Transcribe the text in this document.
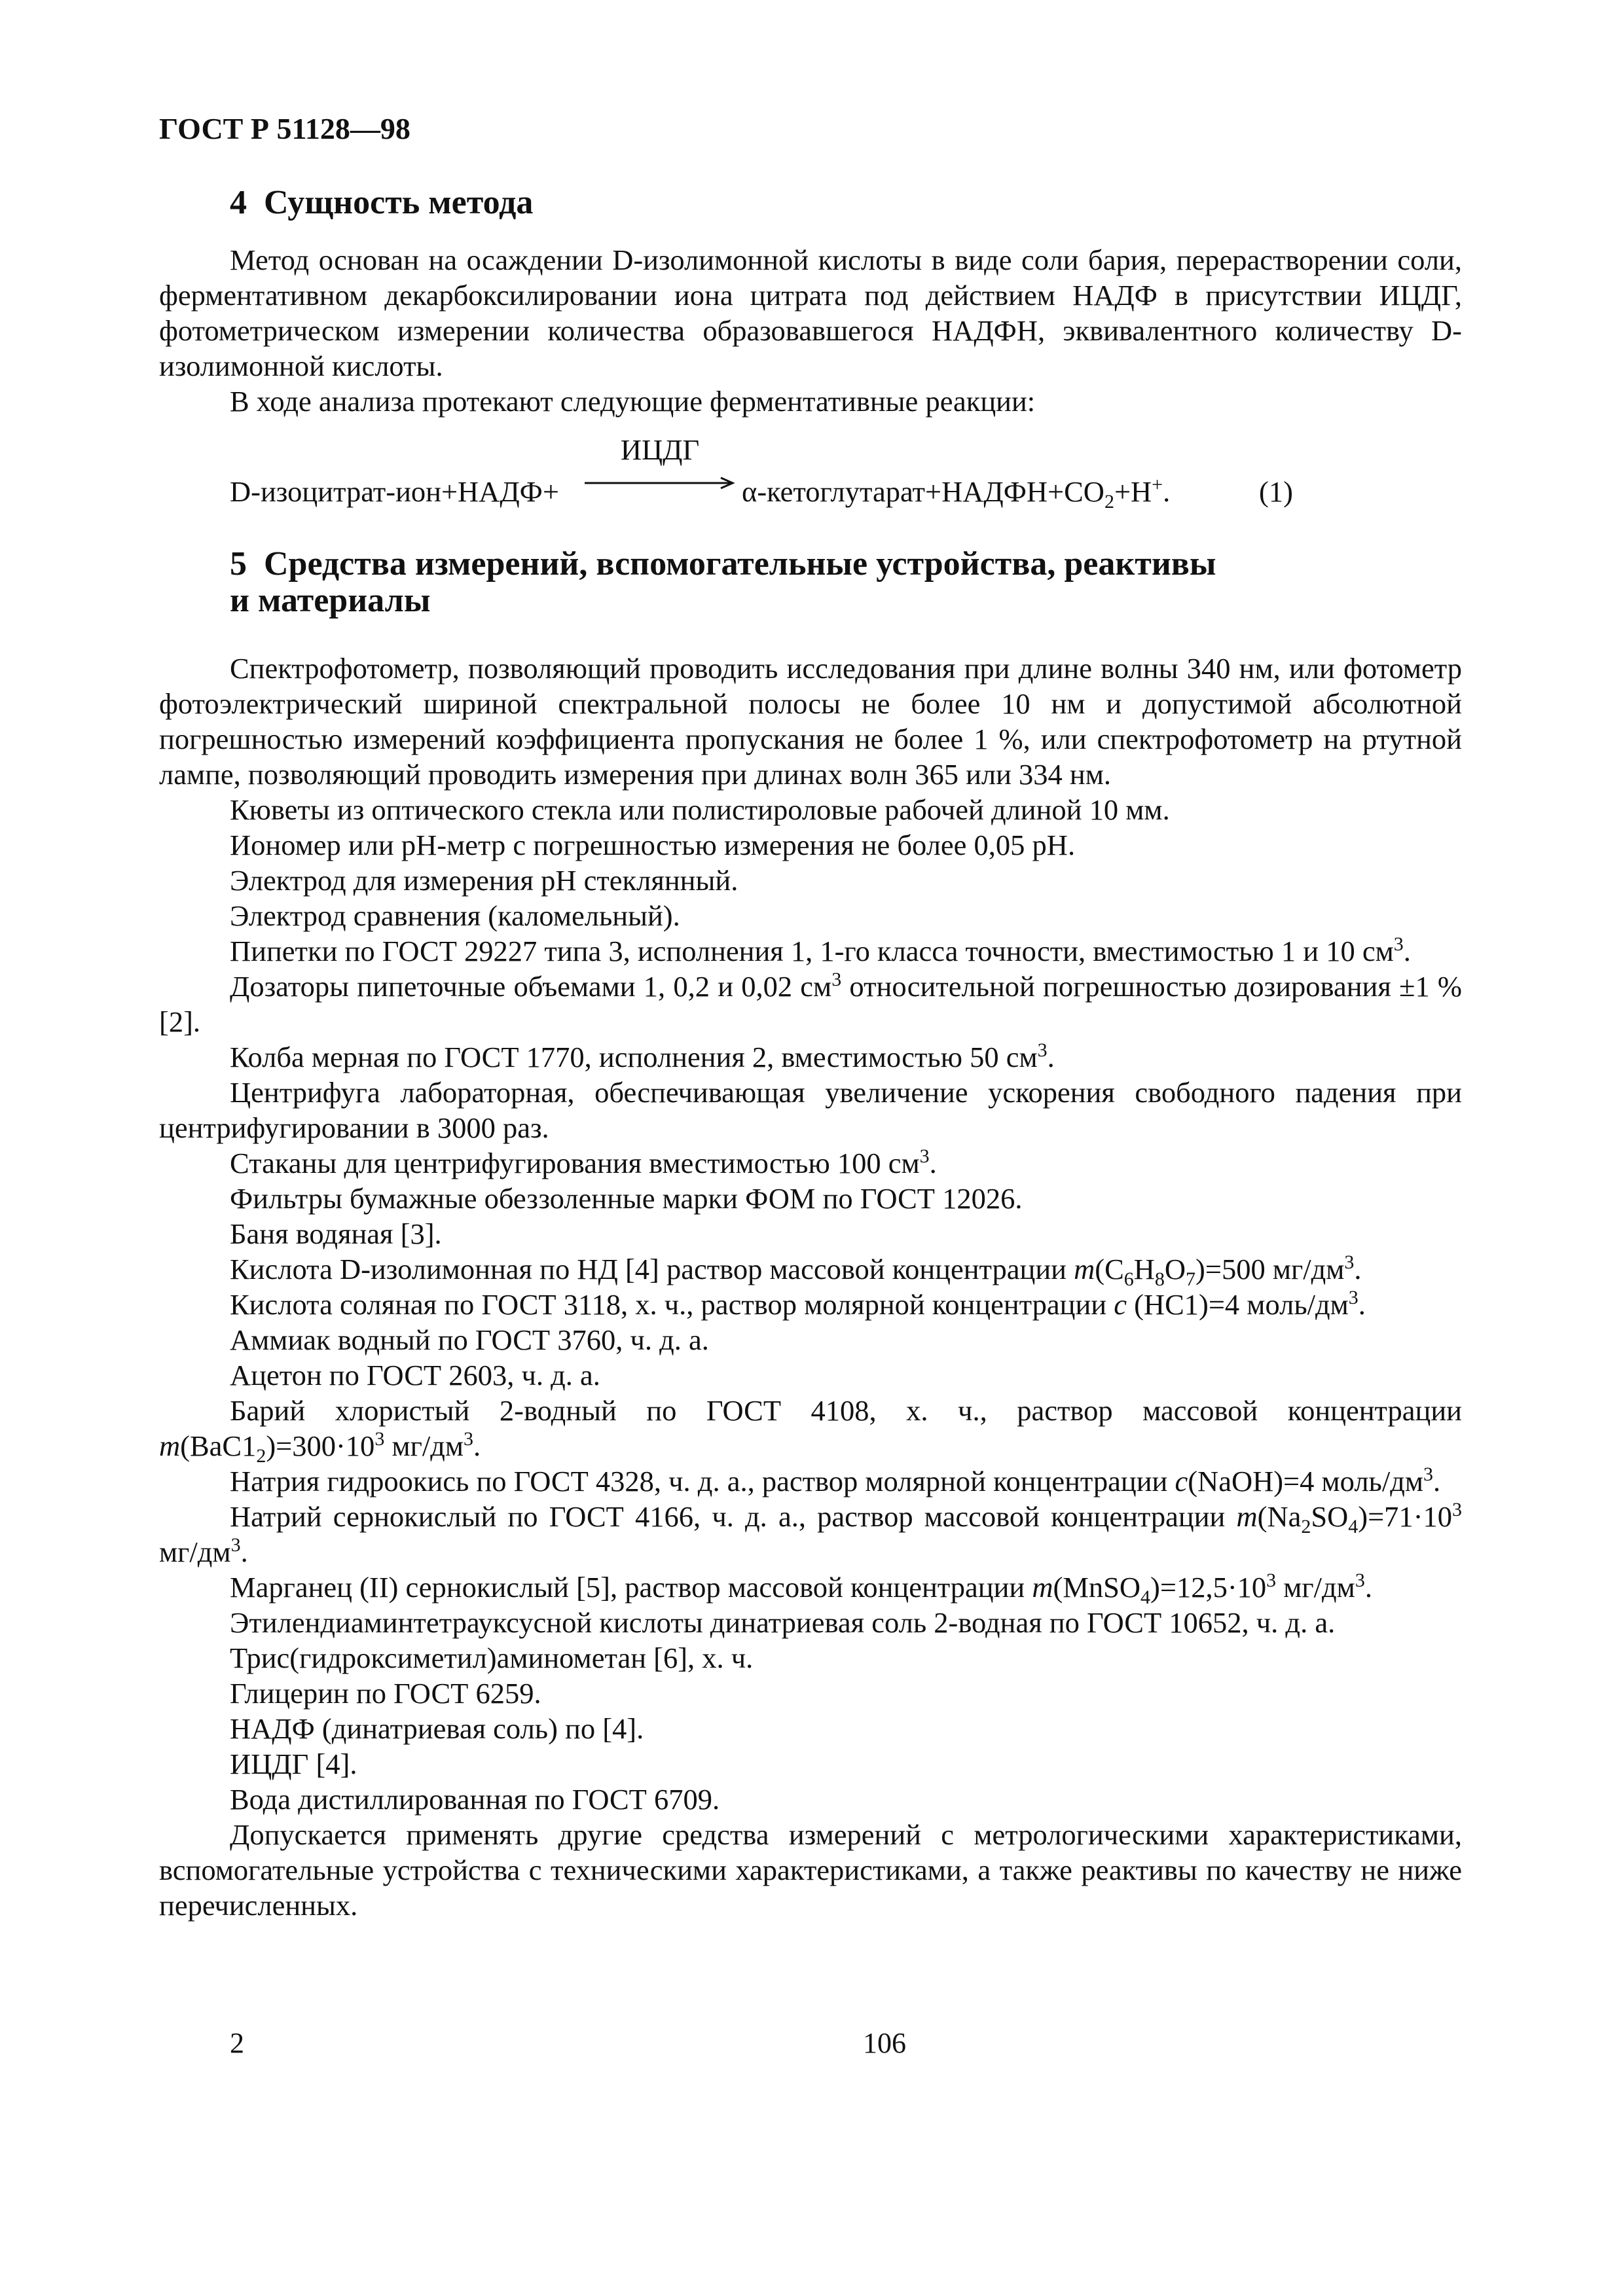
ГОСТ Р 51128—98
4 Сущность метода

Метод основан на осаждении D-изолимонной кислоты в виде соли бария, перерастворении соли, ферментативном декарбоксилировании иона цитрата под действием НАДФ в присутствии ИЦДГ, фотометрическом измерении количества образовавшегося НАДФН, эквивалентного количеству D-изолимонной кислоты.

В ходе анализа протекают следующие ферментативные реакции:

D-изоцитрат-ион+НАДФ+
ИЦДГ
$\alpha-кетоглутарат+НАДФН+СО_2+Н^+$.	(1)
5 Средства измерений, вспомогательные устройства, реактивы
и материалы

Спектрофотометр, позволяющий проводить исследования при длине волны 340 нм, или фотометр фотоэлектрический шириной спектральной полосы не более 10 нм и допустимой абсолютной погрешностью измерений коэффициента пропускания не более 1 %, или спектрофотометр на ртутной лампе, позволяющий проводить измерения при длинах волн 365 или 334 нм.

Кюветы из оптического стекла или полистироловые рабочей длиной 10 мм.

Иономер или рН-метр с погрешностью измерения не более 0,05 рН.

Электрод для измерения рН стеклянный.

Электрод сравнения (каломельный).

Пипетки по ГОСТ 29227 типа 3, исполнения 1, 1-го класса точности, вместимостью 1 и 10 $см^3$.

Дозаторы пипеточные объемами 1, 0,2 и 0,02 $см^3$ относительной погрешностью дозирования ±1 % [2].

Колба мерная по ГОСТ 1770, исполнения 2, вместимостью 50 $см^3$.

Центрифуга лабораторная, обеспечивающая увеличение ускорения свободного падения при центрифугировании в 3000 раз.

Стаканы для центрифугирования вместимостью 100 $см^3$.

Фильтры бумажные обеззоленные марки ФОМ по ГОСТ 12026.

Баня водяная [3].

Кислота D-изолимонная по НД [4] раствор массовой концентрации $m(С_6Н_8О_7)=500$ $мг/дм^3$.

Кислота соляная по ГОСТ 3118, х. ч., раствор молярной концентрации с (НС1)=4 моль/$дм^3$.

Аммиак водный по ГОСТ 3760, ч. д. а.

Ацетон по ГОСТ 2603, ч. д. а.

Барий хлористый 2-водный по ГОСТ 4108, х. ч., раствор массовой концентрации $m(ВаС1_2)=300\cdot 10^3$ $мг/дм^3$.

Натрия гидроокись по ГОСТ 4328, ч. д. а., раствор молярной концентрации с(NaOH)=4 моль/$дм^3$.

Натрий сернокислый по ГОСТ 4166, ч. д. а., раствор массовой концентрации $m(Na_2SO_4)=71\cdot 10^3$ $мг/дм^3$.

Марганец (II) сернокислый [5], раствор массовой концентрации $m(MnSO_4)=12,5\cdot 10^3$ $мг/дм^3$.

Этилендиаминтетрауксусной кислоты динатриевая соль 2-водная по ГОСТ 10652, ч. д. а.

Трис(гидроксиметил)аминометан [6], х. ч.

Глицерин по ГОСТ 6259.

НАДФ (динатриевая соль) по [4].

ИЦДГ [4].

Вода дистиллированная по ГОСТ 6709.

Допускается применять другие средства измерений с метрологическими характеристиками, вспомогательные устройства с техническими характеристиками, а также реактивы по качеству не ниже перечисленных.

2	106
